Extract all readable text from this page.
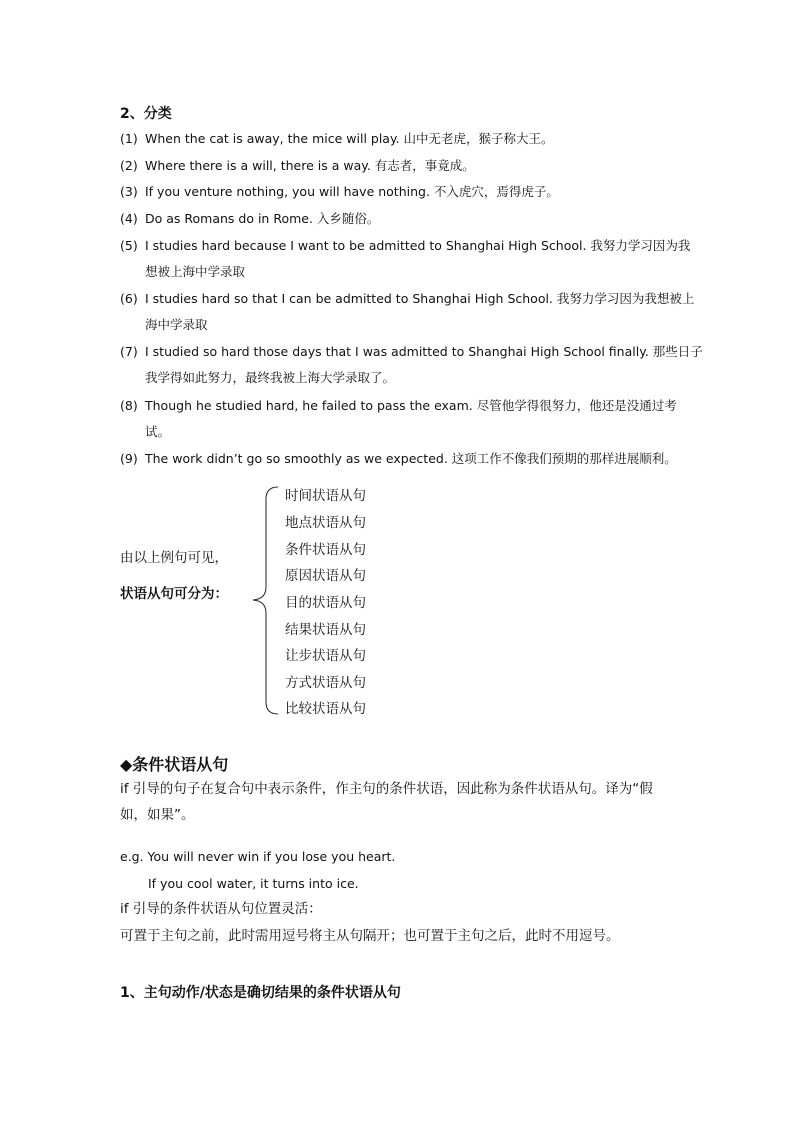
2、分类
(1) When the cat is away, the mice will play. 山中无老虎，猴子称大王。
(2) Where there is a will, there is a way. 有志者，事竟成。
(3) If you venture nothing, you will have nothing. 不入虎穴，焉得虎子。
(4) Do as Romans do in Rome. 入乡随俗。
(5) I studies hard because I want to be admitted to Shanghai High School. 我努力学习因为我
想被上海中学录取
(6) I studies hard so that I can be admitted to Shanghai High School. 我努力学习因为我想被上
海中学录取
(7) I studied so hard those days that I was admitted to Shanghai High School finally. 那些日子
我学得如此努力，最终我被上海大学录取了。
(8) Though he studied hard, he failed to pass the exam. 尽管他学得很努力，他还是没通过考
试。
(9) The work didn’t go so smoothly as we expected. 这项工作不像我们预期的那样进展顺利。
由以上例句可见，
状语从句可分为：
时间状语从句
地点状语从句
条件状语从句
原因状语从句
目的状语从句
结果状语从句
让步状语从句
方式状语从句
比较状语从句
◆条件状语从句
if 引导的句子在复合句中表示条件，作主句的条件状语，因此称为条件状语从句。译为“假
如，如果”。
e.g. You will never win if you lose you heart.
If you cool water, it turns into ice.
if 引导的条件状语从句位置灵活：
可置于主句之前，此时需用逗号将主从句隔开；也可置于主句之后，此时不用逗号。
1、主句动作/状态是确切结果的条件状语从句
